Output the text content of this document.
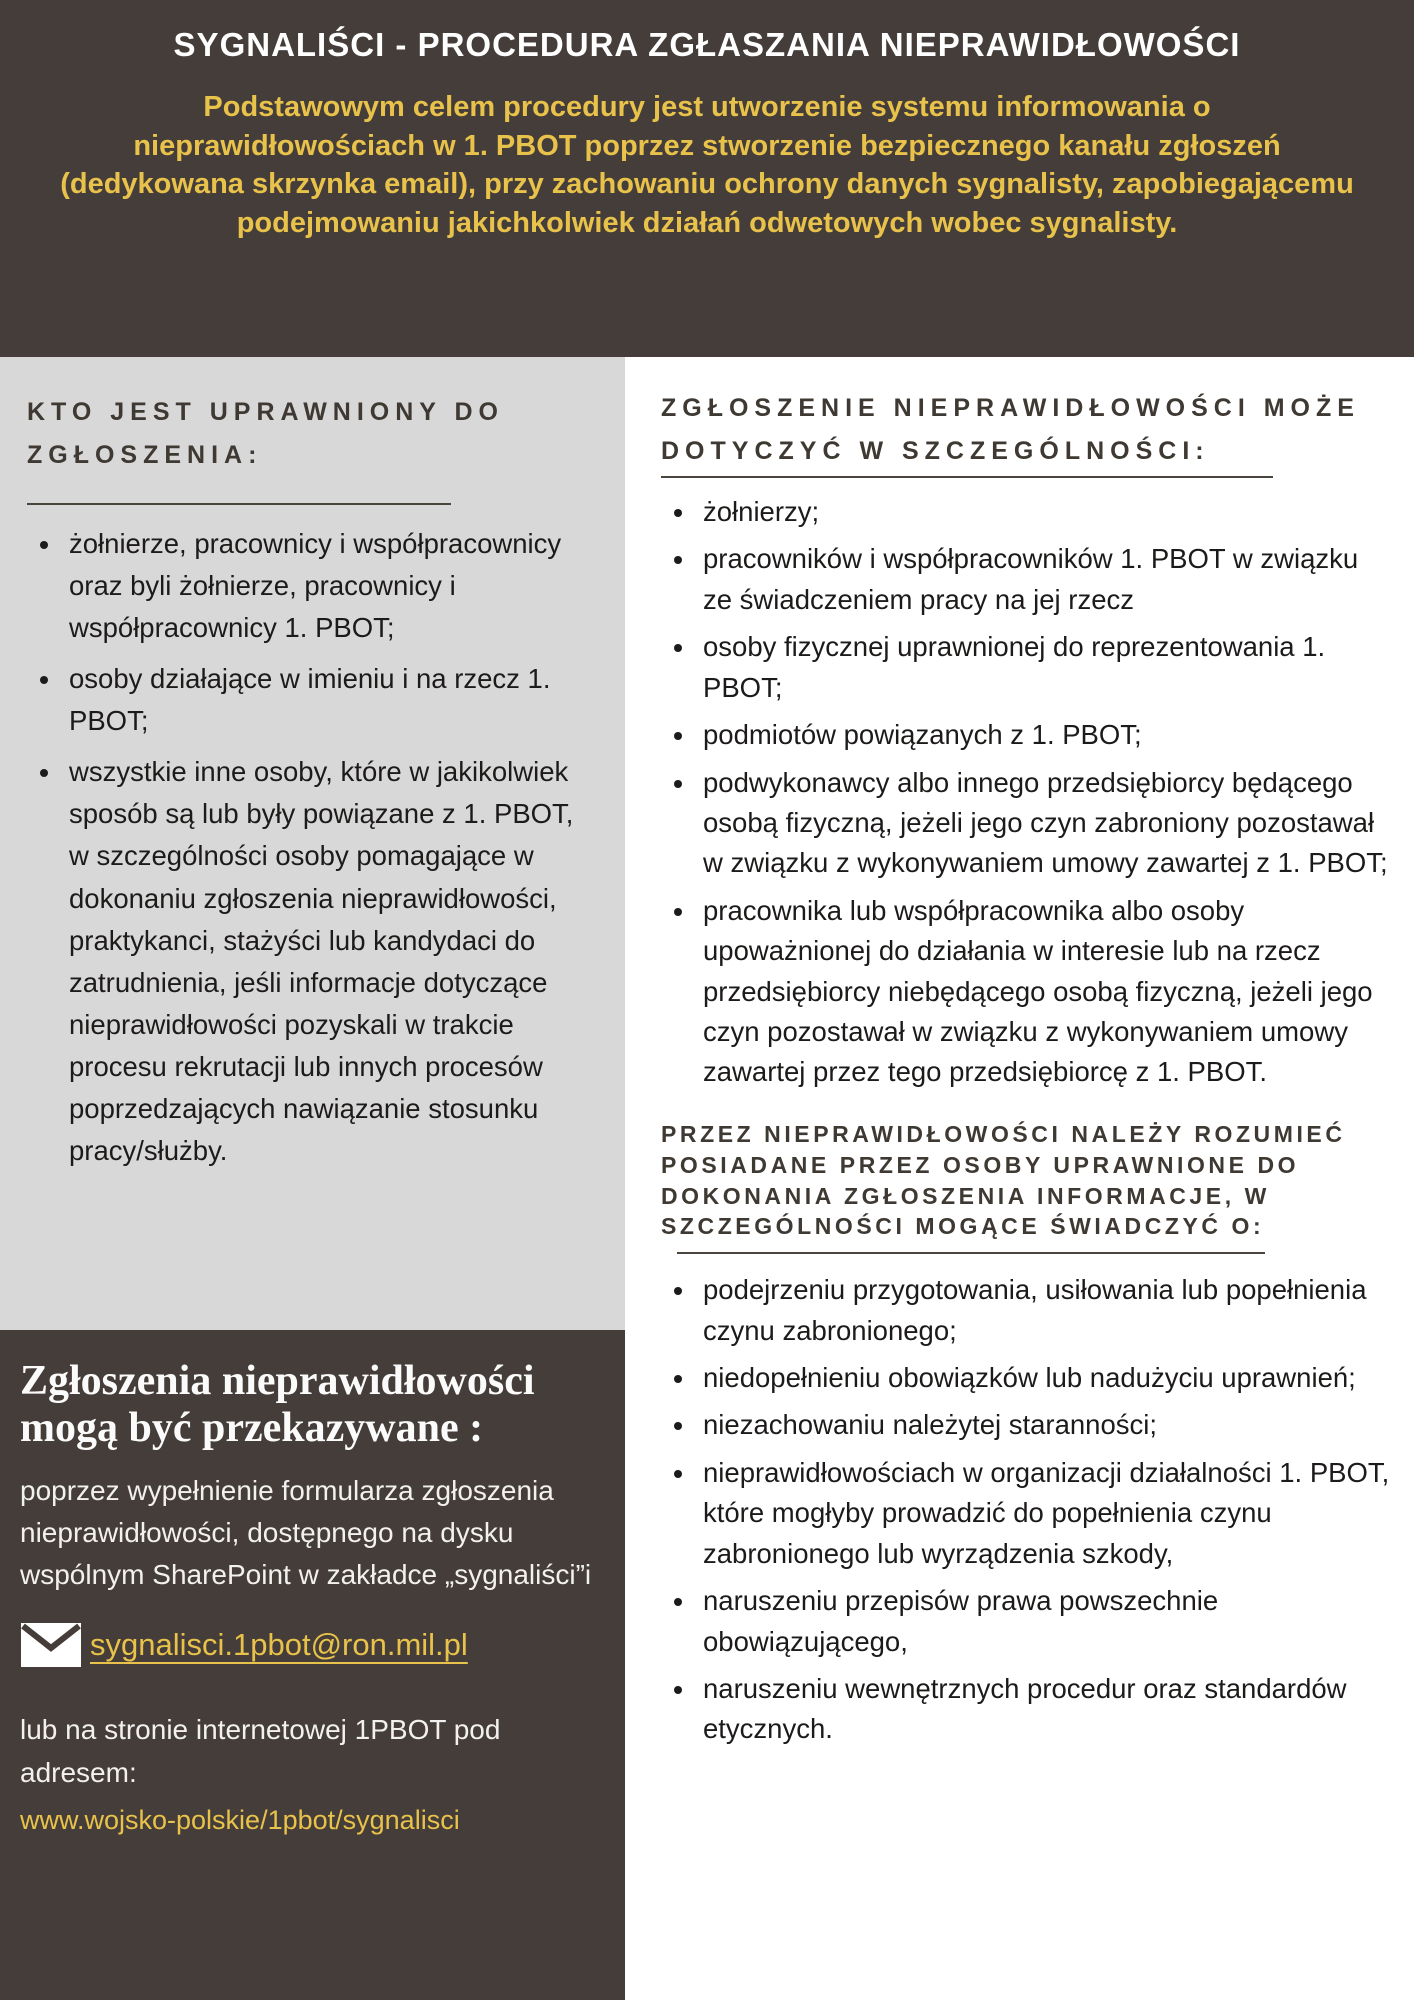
SYGNALIŚCI - PROCEDURA ZGŁASZANIA NIEPRAWIDŁOWOŚCI

Podstawowym celem procedury jest utworzenie systemu informowania o nieprawidłowościach w 1. PBOT poprzez stworzenie bezpiecznego kanału zgłoszeń (dedykowana skrzynka email), przy zachowaniu ochrony danych sygnalisty, zapobiegającemu podejmowaniu jakichkolwiek działań odwetowych wobec sygnalisty.

KTO JEST UPRAWNIONY DO ZGŁOSZENIA:
• żołnierze, pracownicy i współpracownicy oraz byli żołnierze, pracownicy i współpracownicy 1. PBOT;
• osoby działające w imieniu i na rzecz 1. PBOT;
• wszystkie inne osoby, które w jakikolwiek sposób są lub były powiązane z 1. PBOT, w szczególności osoby pomagające w dokonaniu zgłoszenia nieprawidłowości, praktykanci, stażyści lub kandydaci do zatrudnienia, jeśli informacje dotyczące nieprawidłowości pozyskali w trakcie procesu rekrutacji lub innych procesów poprzedzających nawiązanie stosunku pracy/służby.
Zgłoszenia nieprawidłowości mogą być przekazywane :

poprzez wypełnienie formularza zgłoszenia nieprawidłowości, dostępnego na dysku wspólnym SharePoint w zakładce „sygnaliści”i

sygnalisci.1pbot@ron.mil.pl

lub na stronie internetowej 1PBOT pod adresem:

www.wojsko-polskie/1pbot/sygnalisci
ZGŁOSZENIE NIEPRAWIDŁOWOŚCI MOŻE DOTYCZYĆ W SZCZEGÓLNOŚCI:
• żołnierzy;
• pracowników i współpracowników 1. PBOT w związku ze świadczeniem pracy na jej rzecz
• osoby fizycznej uprawnionej do reprezentowania 1. PBOT;
• podmiotów powiązanych z 1. PBOT;
• podwykonawcy albo innego przedsiębiorcy będącego osobą fizyczną, jeżeli jego czyn zabroniony pozostawał w związku z wykonywaniem umowy zawartej z 1. PBOT;
• pracownika lub współpracownika albo osoby upoważnionej do działania w interesie lub na rzecz przedsiębiorcy niebędącego osobą fizyczną, jeżeli jego czyn pozostawał w związku z wykonywaniem umowy zawartej przez tego przedsiębiorcę z 1. PBOT.
PRZEZ NIEPRAWIDŁOWOŚCI NALEŻY ROZUMIEĆ POSIADANE PRZEZ OSOBY UPRAWNIONE DO DOKONANIA ZGŁOSZENIA INFORMACJE, W SZCZEGÓLNOŚCI MOGĄCE ŚWIADCZYĆ O:
• podejrzeniu przygotowania, usiłowania lub popełnienia czynu zabronionego;
• niedopełnieniu obowiązków lub nadużyciu uprawnień;
• niezachowaniu należytej staranności;
• nieprawidłowościach w organizacji działalności 1. PBOT, które mogłyby prowadzić do popełnienia czynu zabronionego lub wyrządzenia szkody,
• naruszeniu przepisów prawa powszechnie obowiązującego,
• naruszeniu wewnętrznych procedur oraz standardów etycznych.
